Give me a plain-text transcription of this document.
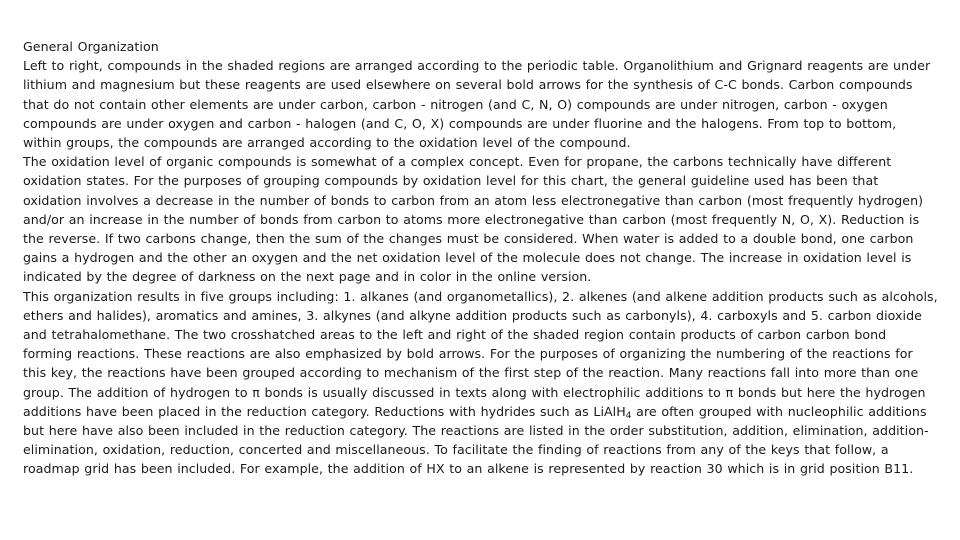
General Organization

Left to right, compounds in the shaded regions are arranged according to the periodic table. Organolithium and Grignard reagents are under lithium and magnesium but these reagents are used elsewhere on several bold arrows for the synthesis of C-C bonds. Carbon compounds that do not contain other elements are under carbon, carbon - nitrogen (and C, N, O) compounds are under nitrogen, carbon - oxygen compounds are under oxygen and carbon - halogen (and C, O, X) compounds are under fluorine and the halogens. From top to bottom, within groups, the compounds are arranged according to the oxidation level of the compound.

The oxidation level of organic compounds is somewhat of a complex concept. Even for propane, the carbons technically have different oxidation states. For the purposes of grouping compounds by oxidation level for this chart, the general guideline used has been that oxidation involves a decrease in the number of bonds to carbon from an atom less electronegative than carbon (most frequently hydrogen) and/or an increase in the number of bonds from carbon to atoms more electronegative than carbon (most frequently N, O, X). Reduction is the reverse. If two carbons change, then the sum of the changes must be considered. When water is added to a double bond, one carbon gains a hydrogen and the other an oxygen and the net oxidation level of the molecule does not change. The increase in oxidation level is indicated by the degree of darkness on the next page and in color in the online version.

This organization results in five groups including: 1. alkanes (and organometallics), 2. alkenes (and alkene addition products such as alcohols, ethers and halides), aromatics and amines, 3. alkynes (and alkyne addition products such as carbonyls), 4. carboxyls and 5. carbon dioxide and tetrahalomethane. The two crosshatched areas to the left and right of the shaded region contain products of carbon carbon bond forming reactions. These reactions are also emphasized by bold arrows. For the purposes of organizing the numbering of the reactions for this key, the reactions have been grouped according to mechanism of the first step of the reaction. Many reactions fall into more than one group. The addition of hydrogen to π bonds is usually discussed in texts along with electrophilic additions to π bonds but here the hydrogen additions have been placed in the reduction category. Reductions with hydrides such as LiAlH$_4$ are often grouped with nucleophilic additions but here have also been included in the reduction category. The reactions are listed in the order substitution, addition, elimination, addition-elimination, oxidation, reduction, concerted and miscellaneous. To facilitate the finding of reactions from any of the keys that follow, a roadmap grid has been included. For example, the addition of HX to an alkene is represented by reaction 30 which is in grid position B11.
